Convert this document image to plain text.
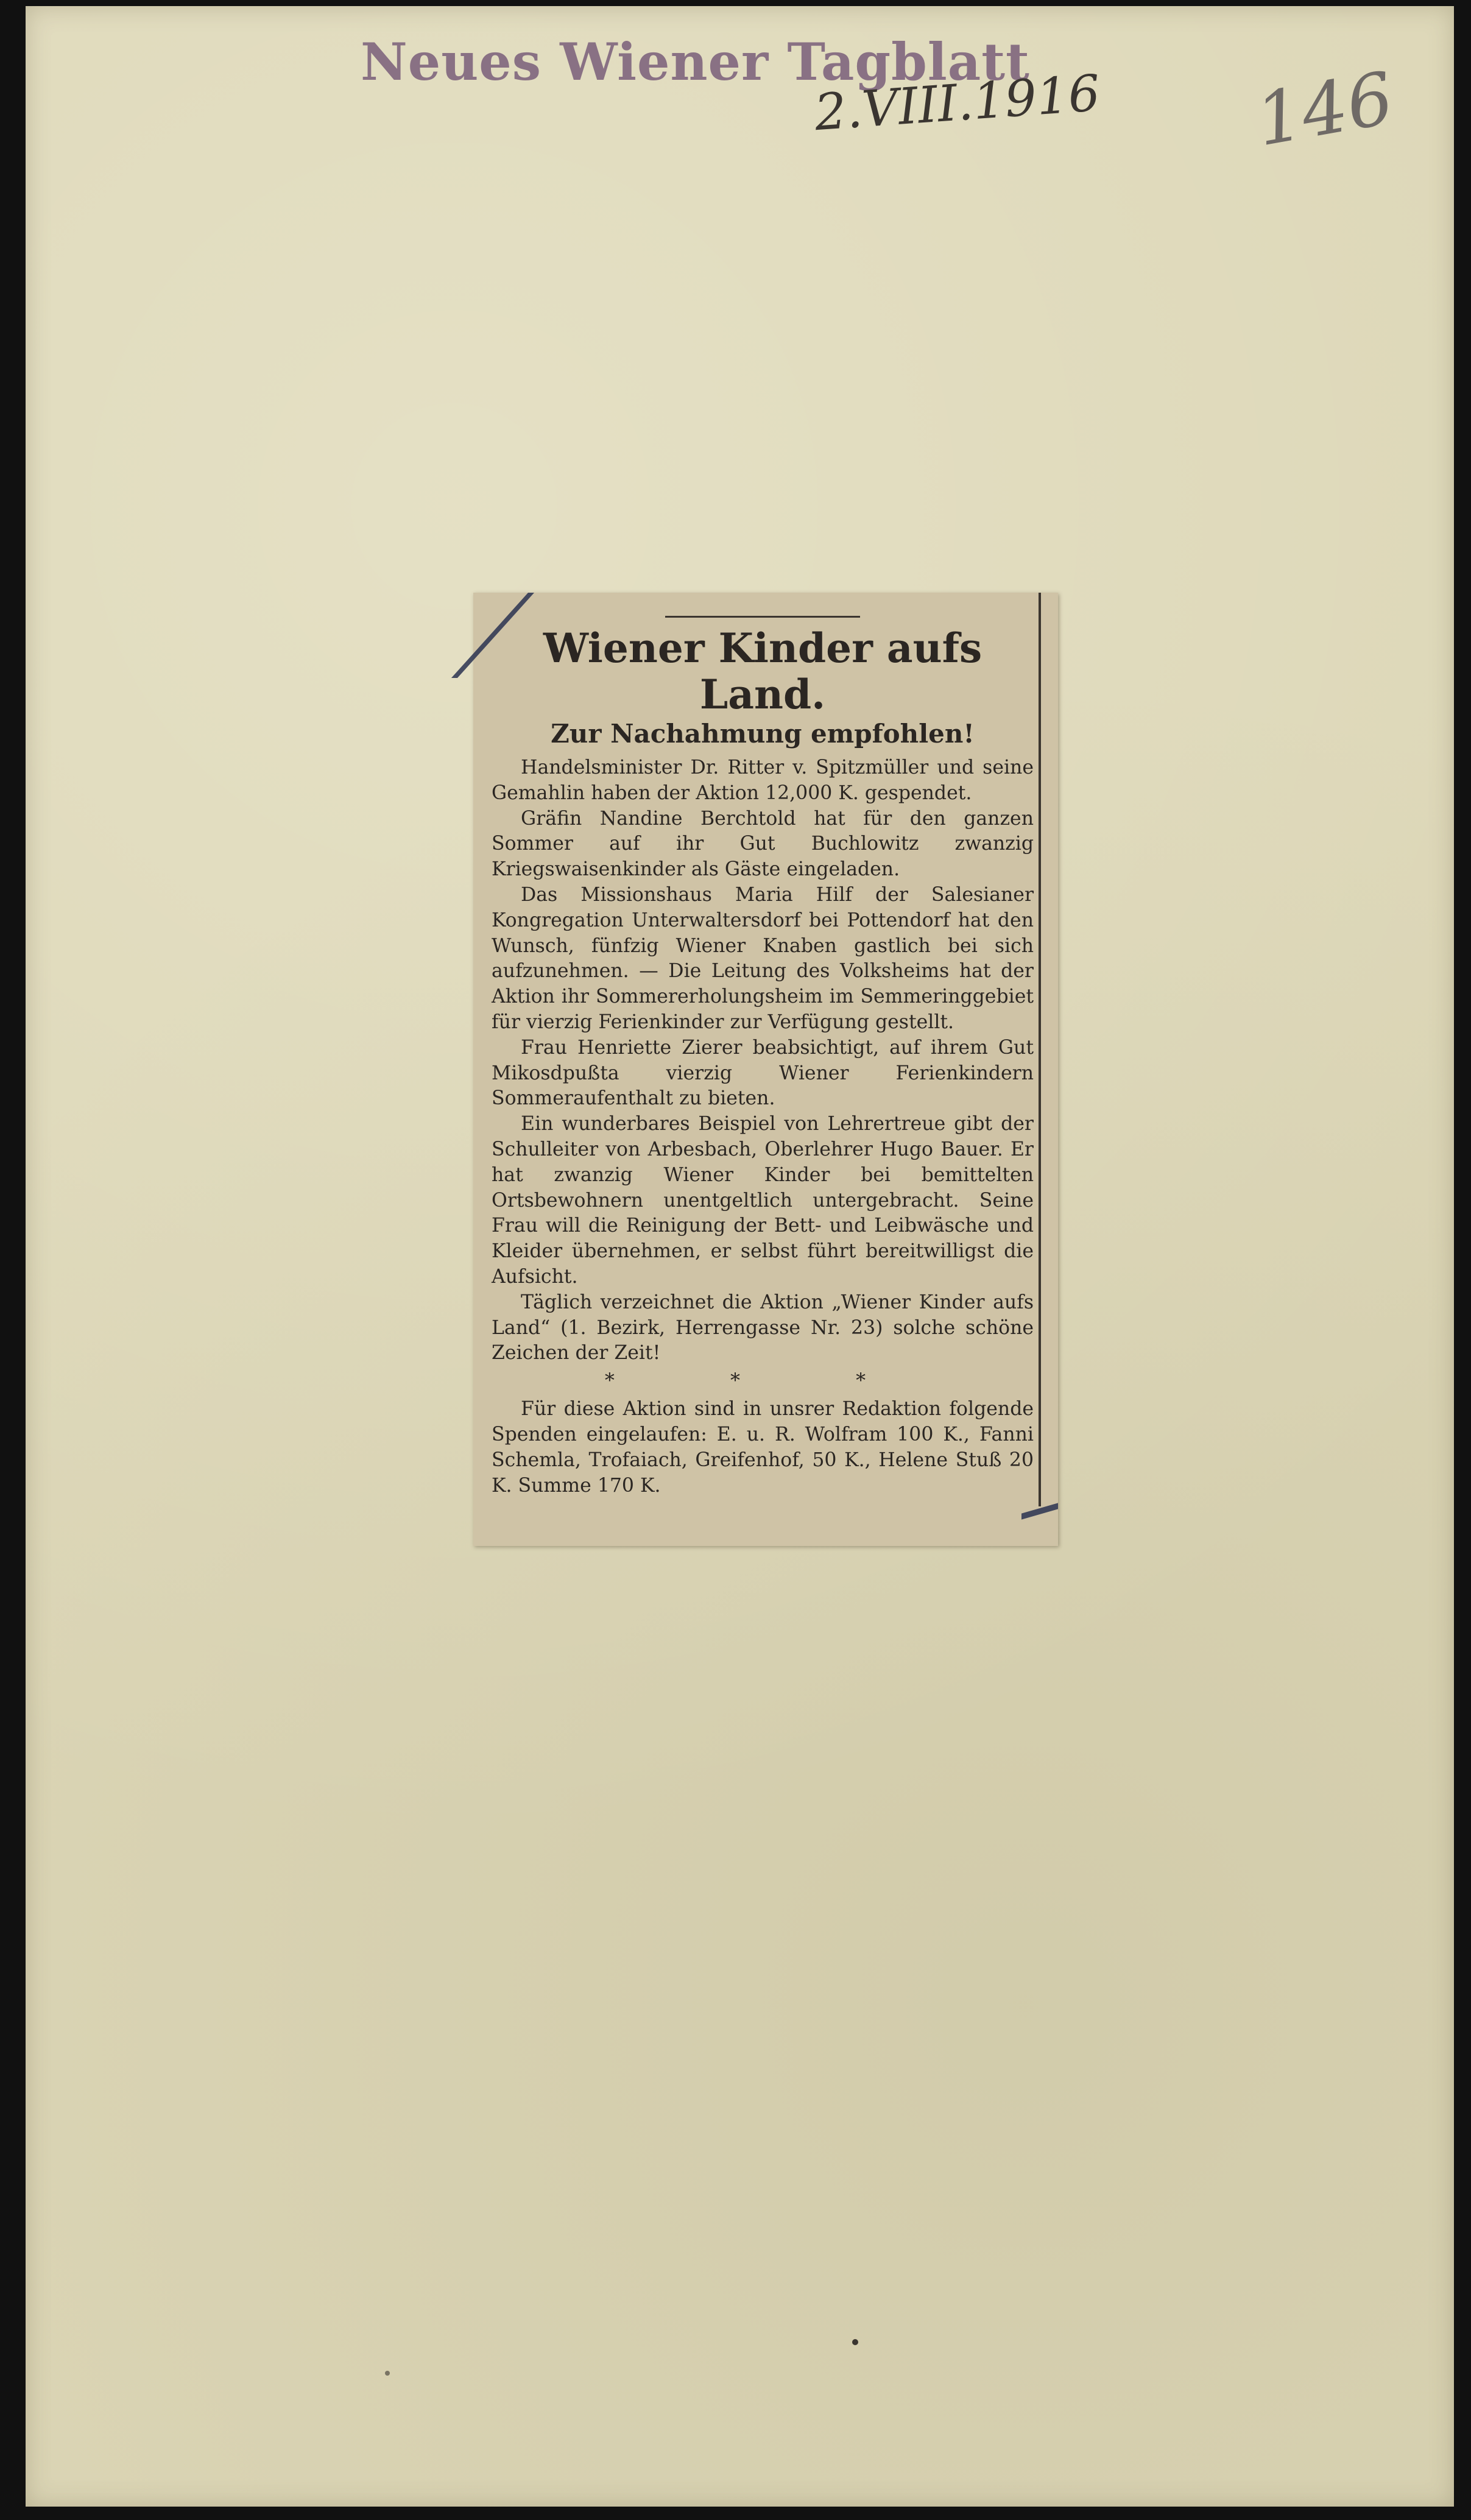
Neues Wiener Tagblatt
2.VIII.1916 146
Wiener Kinder aufs Land.
Zur Nachahmung empfohlen!

Handelsminister Dr. Ritter v. Spitzmüller und seine Gemahlin haben der Aktion 12,000 K. gespendet.

Gräfin Nandine Berchtold hat für den ganzen Sommer auf ihr Gut Buchlowitz zwanzig Kriegswaisenkinder als Gäste eingeladen.

Das Missionshaus Maria Hilf der Salesianer Kongregation Unterwaltersdorf bei Pottendorf hat den Wunsch, fünfzig Wiener Knaben gastlich bei sich aufzunehmen. — Die Leitung des Volksheims hat der Aktion ihr Sommererholungsheim im Semmeringgebiet für vierzig Ferienkinder zur Verfügung gestellt.

Frau Henriette Zierer beabsichtigt, auf ihrem Gut Mikosdpußta vierzig Wiener Ferienkindern Sommeraufenthalt zu bieten.

Ein wunderbares Beispiel von Lehrertreue gibt der Schulleiter von Arbesbach, Oberlehrer Hugo Bauer. Er hat zwanzig Wiener Kinder bei bemittelten Ortsbewohnern unentgeltlich untergebracht. Seine Frau will die Reinigung der Bett- und Leibwäsche und Kleider übernehmen, er selbst führt bereitwilligst die Aufsicht.

Täglich verzeichnet die Aktion „Wiener Kinder aufs Land“ (1. Bezirk, Herrengasse Nr. 23) solche schöne Zeichen der Zeit!

* * *

Für diese Aktion sind in unsrer Redaktion folgende Spenden eingelaufen: E. u. R. Wolfram 100 K., Fanni Schemla, Trofaiach, Greifenhof, 50 K., Helene Stuß 20 K. Summe 170 K.
